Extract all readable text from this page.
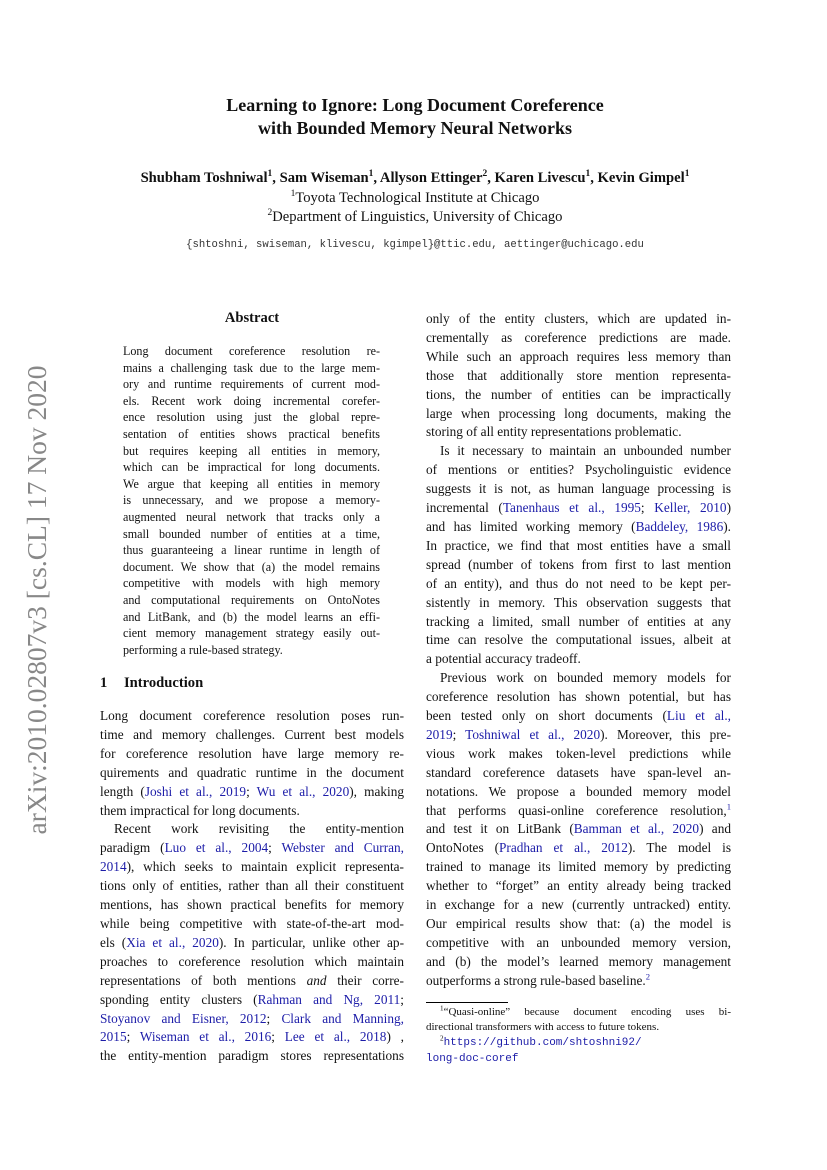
arXiv:2010.02807v3 [cs.CL] 17 Nov 2020
Learning to Ignore: Long Document Coreference
with Bounded Memory Neural Networks
Shubham Toshniwal$^1$, Sam Wiseman$^1$, Allyson Ettinger$^2$, Karen Livescu$^1$, Kevin Gimpel$^1$
$^1$Toyota Technological Institute at Chicago
$^2$Department of Linguistics, University of Chicago
{shtoshni, swiseman, klivescu, kgimpel}@ttic.edu, aettinger@uchicago.edu
Abstract
Long document coreference resolution re-
mains a challenging task due to the large mem-
ory and runtime requirements of current mod-
els. Recent work doing incremental corefer-
ence resolution using just the global repre-
sentation of entities shows practical benefits
but requires keeping all entities in memory,
which can be impractical for long documents.
We argue that keeping all entities in memory
is unnecessary, and we propose a memory-
augmented neural network that tracks only a
small bounded number of entities at a time,
thus guaranteeing a linear runtime in length of
document. We show that (a) the model remains
competitive with models with high memory
and computational requirements on OntoNotes
and LitBank, and (b) the model learns an effi-
cient memory management strategy easily out-
performing a rule-based strategy.
1 Introduction
Long document coreference resolution poses run-
time and memory challenges. Current best models
for coreference resolution have large memory re-
quirements and quadratic runtime in the document
length (Joshi et al., 2019; Wu et al., 2020), making
them impractical for long documents.
Recent work revisiting the entity-mention
paradigm (Luo et al., 2004; Webster and Curran,
2014), which seeks to maintain explicit representa-
tions only of entities, rather than all their constituent
mentions, has shown practical benefits for memory
while being competitive with state-of-the-art mod-
els (Xia et al., 2020). In particular, unlike other ap-
proaches to coreference resolution which maintain
representations of both mentions and their corre-
sponding entity clusters (Rahman and Ng, 2011;
Stoyanov and Eisner, 2012; Clark and Manning,
2015; Wiseman et al., 2016; Lee et al., 2018) ,
the entity-mention paradigm stores representations
only of the entity clusters, which are updated in-
crementally as coreference predictions are made.
While such an approach requires less memory than
those that additionally store mention representa-
tions, the number of entities can be impractically
large when processing long documents, making the
storing of all entity representations problematic.
Is it necessary to maintain an unbounded number
of mentions or entities? Psycholinguistic evidence
suggests it is not, as human language processing is
incremental (Tanenhaus et al., 1995; Keller, 2010)
and has limited working memory (Baddeley, 1986).
In practice, we find that most entities have a small
spread (number of tokens from first to last mention
of an entity), and thus do not need to be kept per-
sistently in memory. This observation suggests that
tracking a limited, small number of entities at any
time can resolve the computational issues, albeit at
a potential accuracy tradeoff.
Previous work on bounded memory models for
coreference resolution has shown potential, but has
been tested only on short documents (Liu et al.,
2019; Toshniwal et al., 2020). Moreover, this pre-
vious work makes token-level predictions while
standard coreference datasets have span-level an-
notations. We propose a bounded memory model
that performs quasi-online coreference resolution,$^1$
and test it on LitBank (Bamman et al., 2020) and
OntoNotes (Pradhan et al., 2012). The model is
trained to manage its limited memory by predicting
whether to “forget” an entity already being tracked
in exchange for a new (currently untracked) entity.
Our empirical results show that: (a) the model is
competitive with an unbounded memory version,
and (b) the model’s learned memory management
outperforms a strong rule-based baseline.$^2$
$^1$“Quasi-online” because document encoding uses bi-
directional transformers with access to future tokens.
$^2$https://github.com/shtoshni92/
long-doc-coref
